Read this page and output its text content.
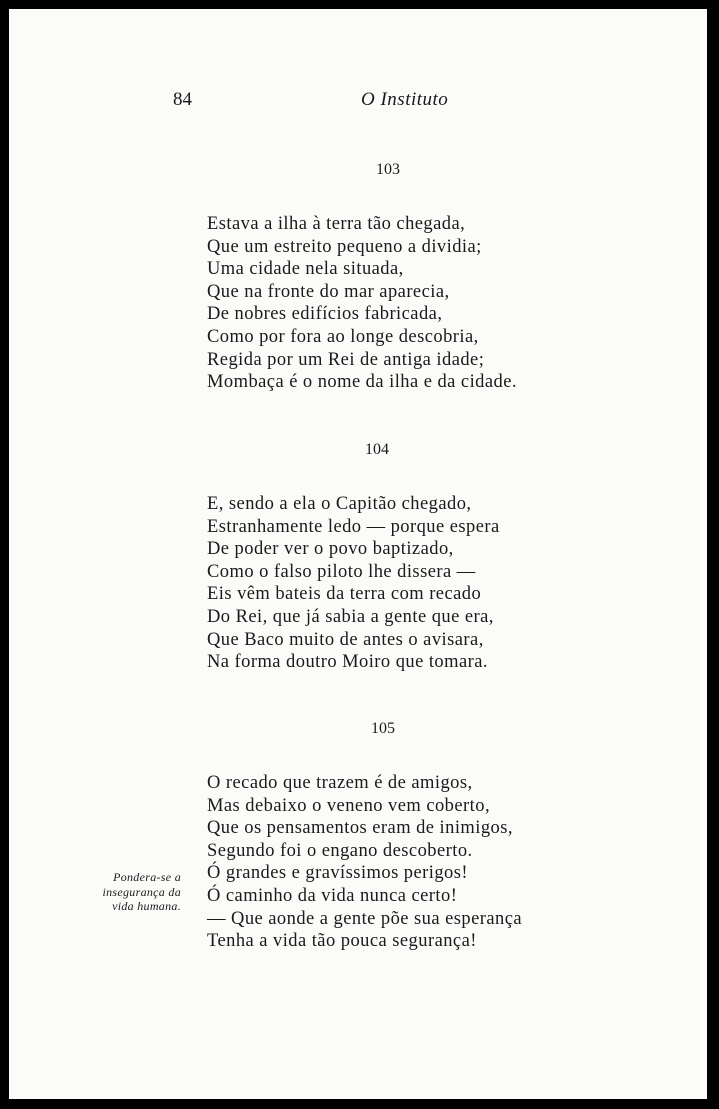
84	O Instituto
103
Estava a ilha à terra tão chegada,
Que um estreito pequeno a dividia;
Uma cidade nela situada,
Que na fronte do mar aparecia,
De nobres edifícios fabricada,
Como por fora ao longe descobria,
Regida por um Rei de antiga idade;
Mombaça é o nome da ilha e da cidade.
104
E, sendo a ela o Capitão chegado,
Estranhamente ledo — porque espera
De poder ver o povo baptizado,
Como o falso piloto lhe dissera —
Eis vêm bateis da terra com recado
Do Rei, que já sabia a gente que era,
Que Baco muito de antes o avisara,
Na forma doutro Moiro que tomara.
105
O recado que trazem é de amigos,
Mas debaixo o veneno vem coberto,
Que os pensamentos eram de inimigos,
Segundo foi o engano descoberto.
Ó grandes e gravíssimos perigos!
Ó caminho da vida nunca certo!
— Que aonde a gente põe sua esperança
Tenha a vida tão pouca segurança!
Pondera-se a
insegurança da
vida humana.
